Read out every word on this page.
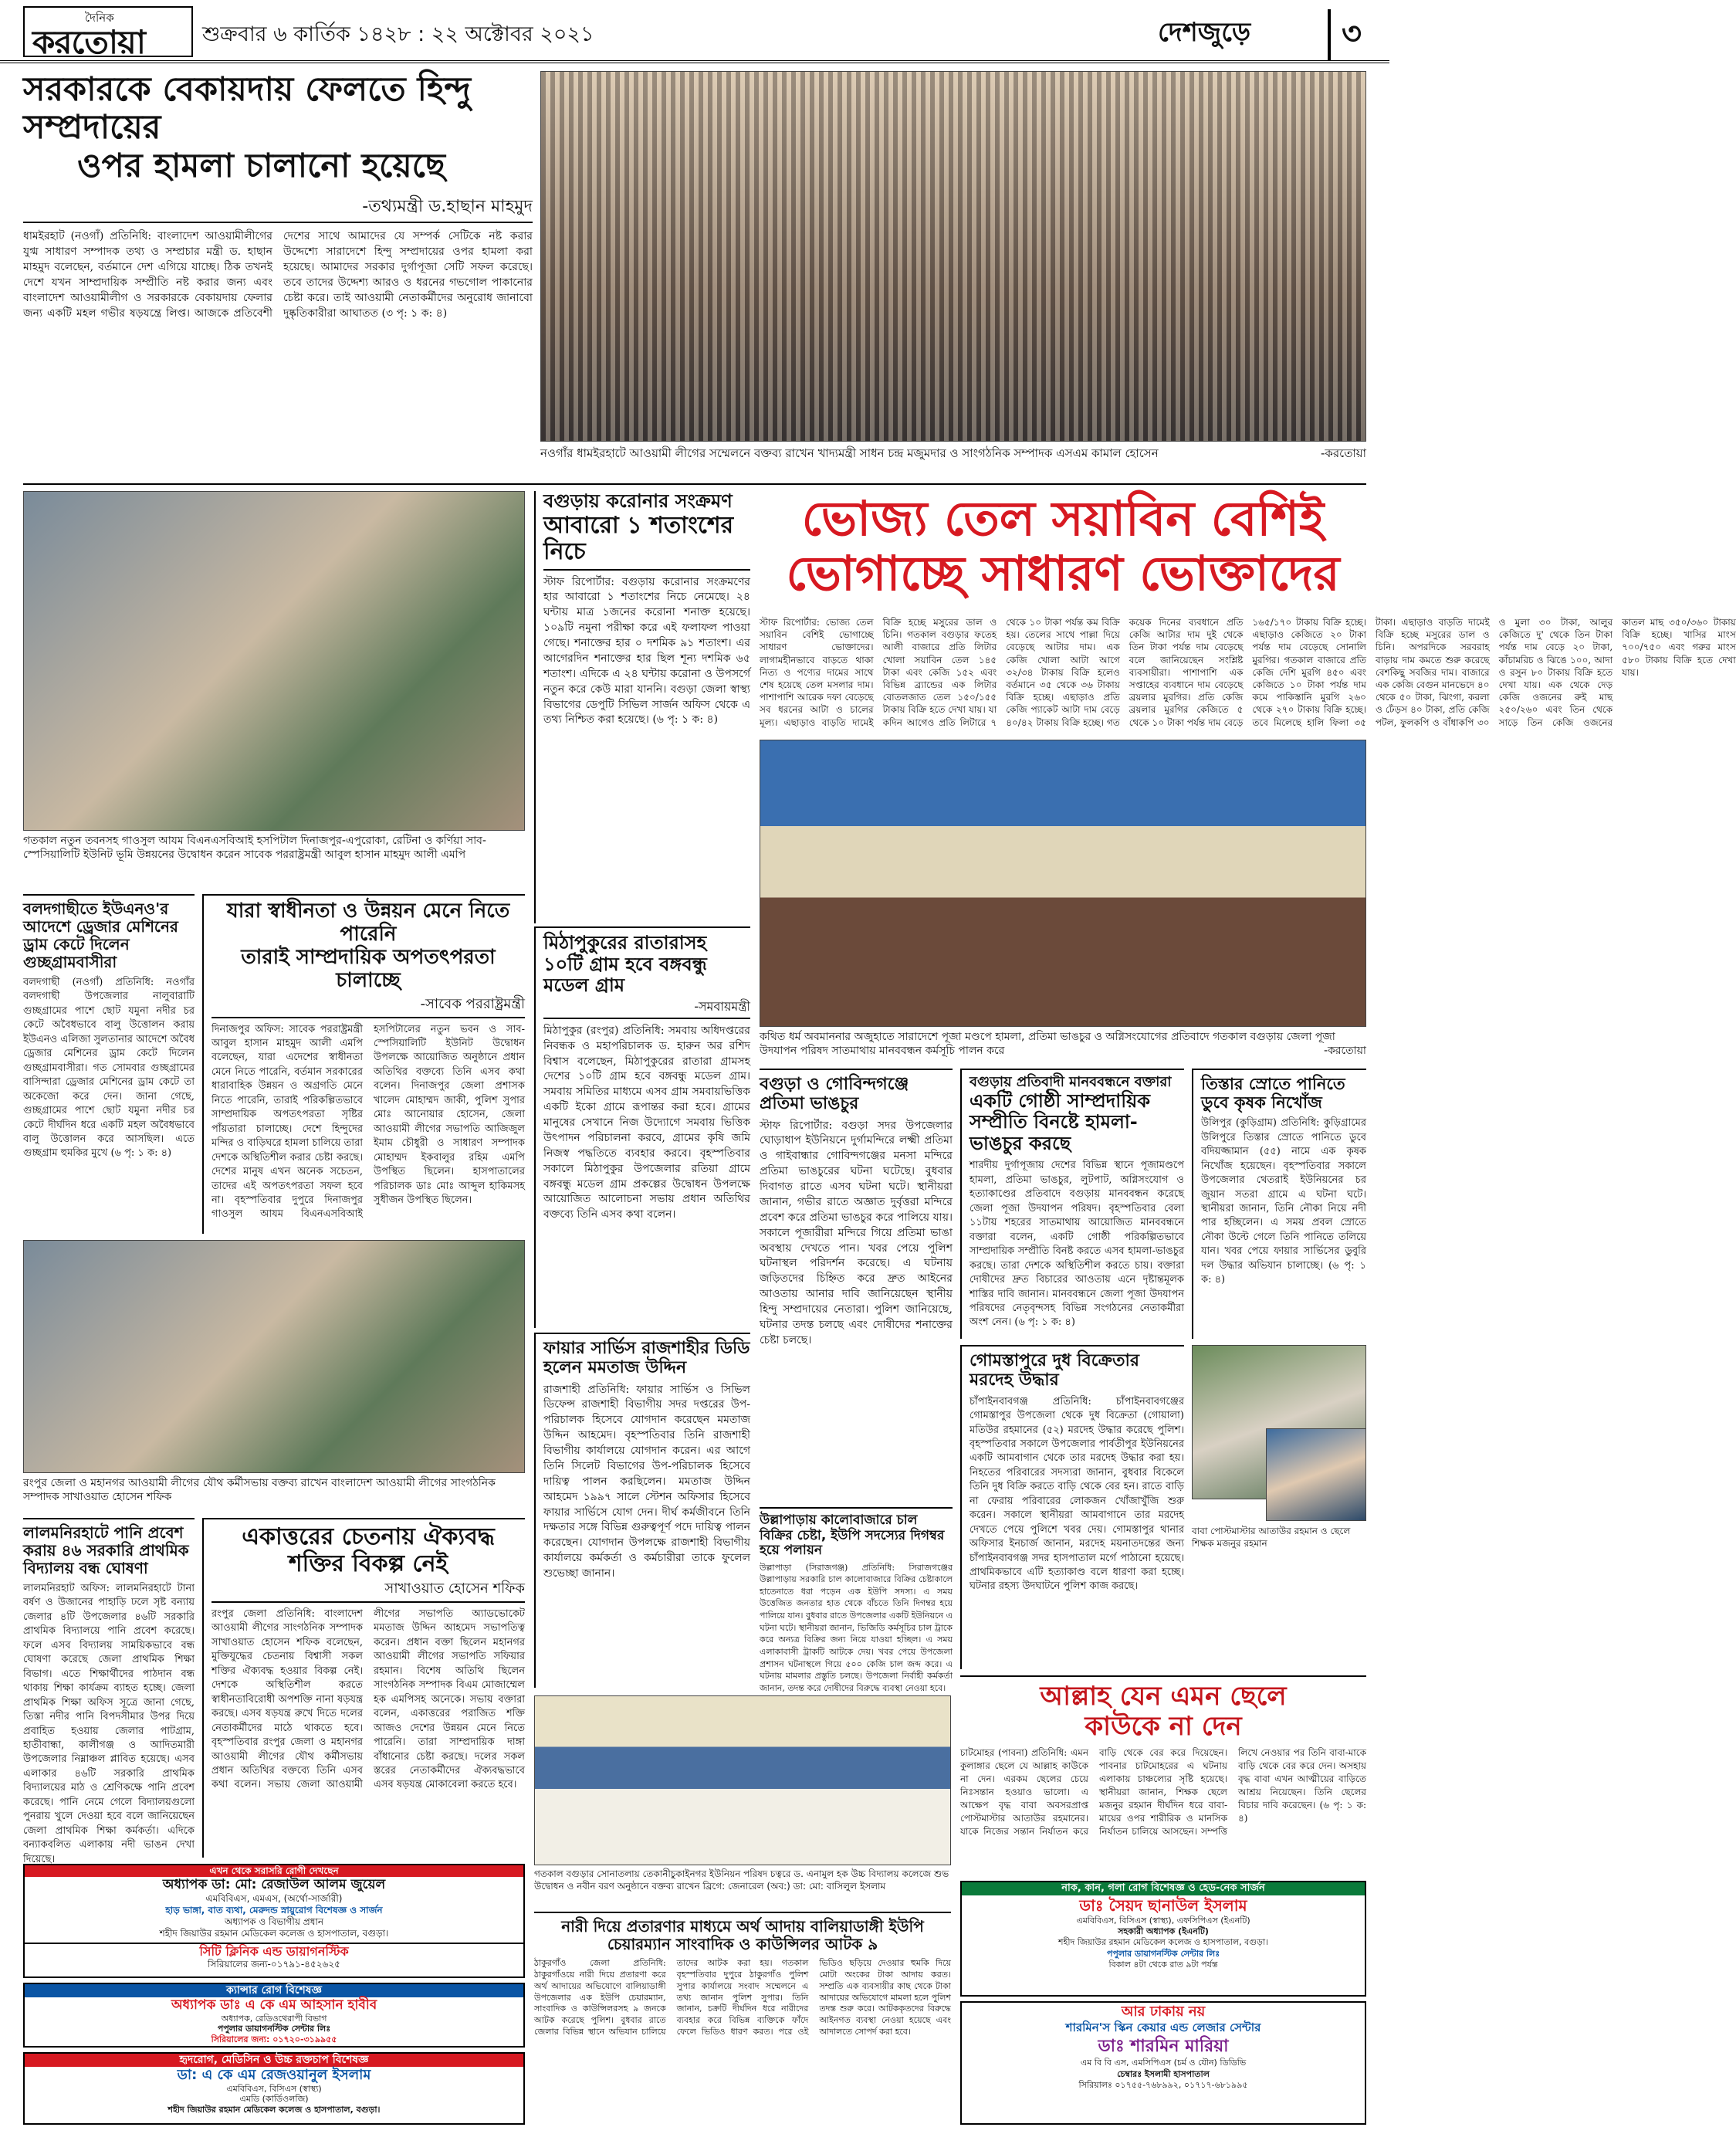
দৈনিক
করতোয়া	শুক্রবার ৬ কার্তিক ১৪২৮ : ২২ অক্টোবর ২০২১	দেশজুড়ে	৩
সরকারকে বেকায়দায় ফেলতে হিন্দু সম্প্রদায়ের
ওপর হামলা চালানো হয়েছে
-তথ্যমন্ত্রী ড.হাছান মাহমুদ
ধামইরহাট (নওগাঁ) প্রতিনিধি: বাংলাদেশ আওয়ামীলীগের যুগ্ম সাধারণ সম্পাদক তথ্য ও সম্প্রচার মন্ত্রী ড. হাছান মাহমুদ বলেছেন, বর্তমানে দেশ এগিয়ে যাচ্ছে। ঠিক তখনই দেশে যখন সাম্প্রদায়িক সম্প্রীতি নষ্ট করার জন্য এবং বাংলাদেশ আওয়ামীলীগ ও সরকারকে বেকায়দায় ফেলার জন্য একটি মহল গভীর ষড়যন্ত্রে লিপ্ত। আজকে প্রতিবেশী দেশের সাথে আমাদের যে সম্পর্ক সেটিকে নষ্ট করার উদ্দেশ্যে সারাদেশে হিন্দু সম্প্রদায়ের ওপর হামলা করা হয়েছে। আমাদের সরকার দুর্গাপূজা সেটি সফল করেছে। তবে তাদের উদ্দেশ্য আরও ও ধরনের গভগোল পাকানোর চেষ্টা করে। তাই আওয়ামী নেতাকর্মীদের অনুরোধ জানাবো দুষ্কৃতিকারীরা আঘাতত (৩ পৃ: ১ ক: ৪)
নওগাঁর ধামইরহাটে আওয়ামী লীগের সম্মেলনে বক্তব্য রাখেন খাদ্যমন্ত্রী সাধন চন্দ্র মজুমদার ও সাংগঠনিক সম্পাদক এসএম কামাল হোসেন	-করতোয়া
গতকাল নতুন তবনসহ গাওসুল আযম বিএনএসবিআই হসপিটাল দিনাজপুর-এপুরোকা, রেটিনা ও কর্ণিয়া সাব-স্পেসিয়ালিটি ইউনিট ভূমি উন্নয়নের উদ্বোধন করেন সাবেক পররাষ্ট্রমন্ত্রী আবুল হাসান মাহমুদ আলী এমপি
বগুড়ায় করোনার সংক্রমণ
আবারো ১ শতাংশের নিচে
স্টাফ রিপোর্টার: বগুড়ায় করোনার সংক্রমণের হার আবারো ১ শতাংশের নিচে নেমেছে। ২৪ ঘন্টায় মাত্র ১জনের করোনা শনাক্ত হয়েছে। ১০৯টি নমুনা পরীক্ষা করে এই ফলাফল পাওয়া গেছে। শনাক্তের হার ০ দশমিক ৯১ শতাংশ। এর আগেরদিন শনাক্তের হার ছিল শূন্য দশমিক ৬৫ শতাংশ। এদিকে এ ২৪ ঘন্টায় করোনা ও উপসর্গে নতুন করে কেউ মারা যাননি। বগুড়া জেলা স্বাস্থ্য বিভাগের ডেপুটি সিভিল সার্জন অফিস থেকে এ তথ্য নিশ্চিত করা হয়েছে। (৬ পৃ: ১ ক: ৪)
ভোজ্য তেল সয়াবিন বেশিই
ভোগাচ্ছে সাধারণ ভোক্তাদের
স্টাফ রিপোর্টার: ভোজ্য তেল সয়াবিন বেশিই ভোগাচ্ছে সাধারণ ভোক্তাদের। লাগামহীনভাবে বাড়তে থাকা নিত্য ও পণ্যের দামের সাথে শেষ হয়েছে তেল মসলার দাম। পাশাপাশি আরেক দফা বেড়েছে সব ধরনের আটা ও চালের মূল্য। এছাড়াও বাড়তি দামেই বিক্রি হচ্ছে মসুরের ডাল ও চিনি। গতকাল বগুড়ার ফতেহ আলী বাজারে প্রতি লিটার খোলা সয়াবিন তেল ১৪৫ টাকা এবং কেজি ১৫২ এবং বিভিন্ন ব্র্যান্ডের এক লিটার বোতলজাত তেল ১৫০/১৫৫ টাকায় বিক্রি হতে দেখা যায়। যা কদিন আগেও প্রতি লিটারে ৭ থেকে ১০ টাকা পর্যন্ত কম বিক্রি হয়। তেলের সাথে পাল্লা দিয়ে বেড়েছে আটার দাম। এক কেজি খোলা আটা আগে ৩২/৩৪ টাকায় বিক্রি হলেও বর্তমানে ৩৫ থেকে ৩৬ টাকায় বিক্রি হচ্ছে। এছাড়াও প্রতি কেজি প্যাকেট আটা দাম বেড়ে ৪০/৪২ টাকায় বিক্রি হচ্ছে। গত কয়েক দিনের ব্যবধানে প্রতি কেজি আটার দাম দুই থেকে তিন টাকা পর্যন্ত দাম বেড়েছে বলে জানিয়েছেন সংশ্লিষ্ট ব্যবসায়ীরা। পাশাপাশি এক সপ্তাহের ব্যবধানে দাম বেড়েছে ব্রয়লার মুরগির। প্রতি কেজি ব্রয়লার মুরগির কেজিতে ৫ থেকে ১০ টাকা পর্যন্ত দাম বেড়ে ১৬৫/১৭০ টাকায় বিক্রি হচ্ছে। এছাড়াও কেজিতে ২০ টাকা পর্যন্ত দাম বেড়েছে সোনালি মুরগির। গতকাল বাজারে প্রতি কেজি দেশি মুরগি ৪৫০ এবং কেজিতে ১০ টাকা পর্যন্ত দাম কমে পাকিস্তানি মুরগি ২৬০ থেকে ২৭০ টাকায় বিক্রি হচ্ছে। তবে মিলেছে হালি ফিলা ৩৫ টাকা। এছাড়াও বাড়তি দামেই বিক্রি হচ্ছে মসুরের ডাল ও চিনি। অপরদিকে সরবরাহ বাড়ায় দাম কমতে শুরু করেছে বেশকিছু সবজির দাম। বাজারে এক কেজি বেগুন মানভেদে ৪০ থেকে ৫০ টাকা, ঝিংগা, করলা ও ঢেঁড়স ৪০ টাকা, প্রতি কেজি পটল, ফুলকপি ও বাঁধাকপি ৩০ ও মুলা ৩০ টাকা, আলুর কেজিতে দু' থেকে তিন টাকা পর্যন্ত দাম বেড়ে ২০ টাকা, কাঁচামরিচ ও ঝিঙে ১০০, আদা ও রসুন ৮০ টাকায় বিক্রি হতে দেখা যায়। এক থেকে দেড় কেজি ওজনের রুই মাছ ২৫০/২৬০ এবং তিন থেকে সাড়ে তিন কেজি ওজনের কাতল মাছ ৩৫০/৩৬০ টাকায় বিক্রি হচ্ছে। খাসির মাংস ৭০০/৭৫০ এবং গরুর মাংস ৫৮০ টাকায় বিক্রি হতে দেখা যায়।
কথিত ধর্ম অবমাননার অজুহাতে সারাদেশে পূজা মণ্ডপে হামলা, প্রতিমা ভাঙচুর ও অগ্নিসংযোগের প্রতিবাদে গতকাল বগুড়ায় জেলা পূজা উদযাপন পরিষদ সাতমাথায় মানববন্ধন কর্মসূচি পালন করে	-করতোয়া
মিঠাপুকুরের রাতারাসহ ১০টি গ্রাম হবে বঙ্গবন্ধু মডেল গ্রাম
-সমবায়মন্ত্রী
মিঠাপুকুর (রংপুর) প্রতিনিধি: সমবায় অধিদপ্তরের নিবন্ধক ও মহাপরিচালক ড. হারুন অর রশিদ বিশ্বাস বলেছেন, মিঠাপুকুরের রাতারা গ্রামসহ দেশের ১০টি গ্রাম হবে বঙ্গবন্ধু মডেল গ্রাম। সমবায় সমিতির মাধ্যমে এসব গ্রাম সমবায়ভিত্তিক একটি ইকো গ্রামে রূপান্তর করা হবে। গ্রামের মানুষের সেখানে নিজ উদ্যোগে সমবায় ভিত্তিক উৎপাদন পরিচালনা করবে, গ্রামের কৃষি জমি নিজস্ব পদ্ধতিতে ব্যবহার করবে। বৃহস্পতিবার সকালে মিঠাপুকুর উপজেলার রতিয়া গ্রামে বঙ্গবন্ধু মডেল গ্রাম প্রকল্পের উদ্বোধন উপলক্ষে আয়োজিত আলোচনা সভায় প্রধান অতিথির বক্তব্যে তিনি এসব কথা বলেন।
বলদগাছীতে ইউএনও'র আদেশে ড্রেজার মেশিনের ড্রাম কেটে দিলেন গুচ্ছগ্রামবাসীরা
বলদগাছী (নওগাঁ) প্রতিনিধি: নওগাঁর বলদগাছী উপজেলার নালুবারাটি গুচ্ছগ্রামের পাশে ছোট যমুনা নদীর চর কেটে অবৈধভাবে বালু উত্তোলন করায় ইউএনও এলিজা সুলতানার আদেশে অবৈধ ড্রেজার মেশিনের ড্রাম কেটে দিলেন গুচ্ছগ্রামবাসীরা। গত সোমবার গুচ্ছগ্রামের বাসিন্দারা ড্রেজার মেশিনের ড্রাম কেটে তা অকেজো করে দেন। জানা গেছে, গুচ্ছগ্রামের পাশে ছোট যমুনা নদীর চর কেটে দীর্ঘদিন ধরে একটি মহল অবৈধভাবে বালু উত্তোলন করে আসছিল। এতে গুচ্ছগ্রাম হুমকির মুখে (৬ পৃ: ১ ক: ৪)
যারা স্বাধীনতা ও উন্নয়ন মেনে নিতে পারেনি
তারাই সাম্প্রদায়িক অপতৎপরতা চালাচ্ছে
-সাবেক পররাষ্ট্রমন্ত্রী
দিনাজপুর অফিস: সাবেক পররাষ্ট্রমন্ত্রী আবুল হাসান মাহমুদ আলী এমপি বলেছেন, যারা এদেশের স্বাধীনতা মেনে নিতে পারেনি, বর্তমান সরকারের ধারাবাহিক উন্নয়ন ও অগ্রগতি মেনে নিতে পারেনি, তারাই পরিকল্পিতভাবে সাম্প্রদায়িক অপতৎপরতা সৃষ্টির পাঁয়তারা চালাচ্ছে। দেশে হিন্দুদের মন্দির ও বাড়িঘরে হামলা চালিয়ে তারা দেশকে অস্থিতিশীল করার চেষ্টা করছে। দেশের মানুষ এখন অনেক সচেতন, তাদের এই অপতৎপরতা সফল হবে না। বৃহস্পতিবার দুপুরে দিনাজপুর গাওসুল আযম বিএনএসবিআই হসপিটালের নতুন ভবন ও সাব-স্পেসিয়ালিটি ইউনিট উদ্বোধন উপলক্ষে আয়োজিত অনুষ্ঠানে প্রধান অতিথির বক্তব্যে তিনি এসব কথা বলেন। দিনাজপুর জেলা প্রশাসক খালেদ মোহাম্মদ জাকী, পুলিশ সুপার মোঃ আনোয়ার হোসেন, জেলা আওয়ামী লীগের সভাপতি আজিজুল ইমাম চৌধুরী ও সাধারণ সম্পাদক মোহাম্মদ ইকবালুর রহিম এমপি উপস্থিত ছিলেন। হাসপাতালের পরিচালক ডাঃ মোঃ আব্দুল হাকিমসহ সুধীজন উপস্থিত ছিলেন।
রংপুর জেলা ও মহানগর আওয়ামী লীগের যৌথ কর্মীসভায় বক্তব্য রাখেন বাংলাদেশ আওয়ামী লীগের সাংগঠনিক সম্পাদক সাখাওয়াত হোসেন শফিক
ফায়ার সার্ভিস রাজশাহীর ডিডি হলেন মমতাজ উদ্দিন
রাজশাহী প্রতিনিধি: ফায়ার সার্ভিস ও সিভিল ডিফেন্স রাজশাহী বিভাগীয় সদর দপ্তরের উপ-পরিচালক হিসেবে যোগদান করেছেন মমতাজ উদ্দিন আহমেদ। বৃহস্পতিবার তিনি রাজশাহী বিভাগীয় কার্যালয়ে যোগদান করেন। এর আগে তিনি সিলেট বিভাগের উপ-পরিচালক হিসেবে দায়িত্ব পালন করছিলেন। মমতাজ উদ্দিন আহমেদ ১৯৯৭ সালে স্টেশন অফিসার হিসেবে ফায়ার সার্ভিসে যোগ দেন। দীর্ঘ কর্মজীবনে তিনি দক্ষতার সঙ্গে বিভিন্ন গুরুত্বপূর্ণ পদে দায়িত্ব পালন করেছেন। যোগদান উপলক্ষে রাজশাহী বিভাগীয় কার্যালয়ে কর্মকর্তা ও কর্মচারীরা তাকে ফুলেল শুভেচ্ছা জানান।
বগুড়া ও গোবিন্দগঞ্জে প্রতিমা ভাঙচুর
স্টাফ রিপোর্টার: বগুড়া সদর উপজেলার ঘোড়াধাপ ইউনিয়নে দুর্গামন্দিরে লক্ষ্মী প্রতিমা ও গাইবান্ধার গোবিন্দগঞ্জের মনসা মন্দিরে প্রতিমা ভাঙচুরের ঘটনা ঘটেছে। বুধবার দিবাগত রাতে এসব ঘটনা ঘটে। স্থানীয়রা জানান, গভীর রাতে অজ্ঞাত দুর্বৃত্তরা মন্দিরে প্রবেশ করে প্রতিমা ভাঙচুর করে পালিয়ে যায়। সকালে পূজারীরা মন্দিরে গিয়ে প্রতিমা ভাঙা অবস্থায় দেখতে পান। খবর পেয়ে পুলিশ ঘটনাস্থল পরিদর্শন করেছে। এ ঘটনায় জড়িতদের চিহ্নিত করে দ্রুত আইনের আওতায় আনার দাবি জানিয়েছেন স্থানীয় হিন্দু সম্প্রদায়ের নেতারা। পুলিশ জানিয়েছে, ঘটনার তদন্ত চলছে এবং দোষীদের শনাক্তের চেষ্টা চলছে।
বগুড়ায় প্রতিবাদী মানববন্ধনে বক্তারা
একটি গোষ্ঠী সাম্প্রদায়িক সম্প্রীতি বিনষ্টে হামলা-ভাঙচুর করছে
শারদীয় দুর্গাপূজায় দেশের বিভিন্ন স্থানে পূজামণ্ডপে হামলা, প্রতিমা ভাঙচুর, লুটপাট, অগ্নিসংযোগ ও হত্যাকাণ্ডের প্রতিবাদে বগুড়ায় মানববন্ধন করেছে জেলা পূজা উদযাপন পরিষদ। বৃহস্পতিবার বেলা ১১টায় শহরের সাতমাথায় আয়োজিত মানববন্ধনে বক্তারা বলেন, একটি গোষ্ঠী পরিকল্পিতভাবে সাম্প্রদায়িক সম্প্রীতি বিনষ্ট করতে এসব হামলা-ভাঙচুর করছে। তারা দেশকে অস্থিতিশীল করতে চায়। বক্তারা দোষীদের দ্রুত বিচারের আওতায় এনে দৃষ্টান্তমূলক শাস্তির দাবি জানান। মানববন্ধনে জেলা পূজা উদযাপন পরিষদের নেতৃবৃন্দসহ বিভিন্ন সংগঠনের নেতাকর্মীরা অংশ নেন। (৬ পৃ: ১ ক: ৪)
তিস্তার স্রোতে পানিতে ডুবে কৃষক নিখোঁজ
উলিপুর (কুড়িগ্রাম) প্রতিনিধি: কুড়িগ্রামের উলিপুরে তিস্তার স্রোতে পানিতে ডুবে বদিয়জ্জামান (৫৫) নামে এক কৃষক নিখোঁজ হয়েছেন। বৃহস্পতিবার সকালে উপজেলার থেতরাই ইউনিয়নের চর জুয়ান সতরা গ্রামে এ ঘটনা ঘটে। স্থানীয়রা জানান, তিনি নৌকা নিয়ে নদী পার হচ্ছিলেন। এ সময় প্রবল স্রোতে নৌকা উল্টে গেলে তিনি পানিতে তলিয়ে যান। খবর পেয়ে ফায়ার সার্ভিসের ডুবুরি দল উদ্ধার অভিযান চালাচ্ছে। (৬ পৃ: ১ ক: ৪)
গোমস্তাপুরে দুধ বিক্রেতার মরদেহ উদ্ধার
চাঁপাইনবাবগঞ্জ প্রতিনিধি: চাঁপাইনবাবগঞ্জের গোমস্তাপুর উপজেলা থেকে দুধ বিক্রেতা (গোয়ালা) মতিউর রহমানের (৫২) মরদেহ উদ্ধার করেছে পুলিশ। বৃহস্পতিবার সকালে উপজেলার পার্বতীপুর ইউনিয়নের একটি আমবাগান থেকে তার মরদেহ উদ্ধার করা হয়। নিহতের পরিবারের সদস্যরা জানান, বুধবার বিকেলে তিনি দুধ বিক্রি করতে বাড়ি থেকে বের হন। রাতে বাড়ি না ফেরায় পরিবারের লোকজন খোঁজাখুঁজি শুরু করেন। সকালে স্থানীয়রা আমবাগানে তার মরদেহ দেখতে পেয়ে পুলিশে খবর দেয়। গোমস্তাপুর থানার অফিসার ইনচার্জ জানান, মরদেহ ময়নাতদন্তের জন্য চাঁপাইনবাবগঞ্জ সদর হাসপাতাল মর্গে পাঠানো হয়েছে। প্রাথমিকভাবে এটি হত্যাকাণ্ড বলে ধারণা করা হচ্ছে। ঘটনার রহস্য উদঘাটনে পুলিশ কাজ করছে।
বাবা পোস্টমাস্টার আতাউর রহমান ও ছেলে শিক্ষক মজনুর রহমান
আল্লাহ যেন এমন ছেলে
কাউকে না দেন
চাটমোহর (পাবনা) প্রতিনিধি: এমন কুলাঙ্গার ছেলে যে আল্লাহ কাউকে না দেন। এরকম ছেলের চেয়ে নিঃসন্তান হওয়াও ভালো। এ আক্ষেপ বৃদ্ধ বাবা অবসরপ্রাপ্ত পোস্টমাস্টার আতাউর রহমানের। যাকে নিজের সন্তান নির্যাতন করে বাড়ি থেকে বের করে দিয়েছেন। পাবনার চাটমোহরের এ ঘটনায় এলাকায় চাঞ্চল্যের সৃষ্টি হয়েছে। স্থানীয়রা জানান, শিক্ষক ছেলে মজনুর রহমান দীর্ঘদিন ধরে বাবা-মায়ের ওপর শারীরিক ও মানসিক নির্যাতন চালিয়ে আসছেন। সম্পত্তি লিখে নেওয়ার পর তিনি বাবা-মাকে বাড়ি থেকে বের করে দেন। অসহায় বৃদ্ধ বাবা এখন আত্মীয়ের বাড়িতে আশ্রয় নিয়েছেন। তিনি ছেলের বিচার দাবি করেছেন। (৬ পৃ: ১ ক: ৪)
লালমনিরহাটে পানি প্রবেশ করায় ৪৬ সরকারি প্রাথমিক বিদ্যালয় বন্ধ ঘোষণা
লালমনিরহাট অফিস: লালমনিরহাটে টানা বর্ষণ ও উজানের পাহাড়ি ঢলে সৃষ্ট বন্যায় জেলার ৪টি উপজেলার ৪৬টি সরকারি প্রাথমিক বিদ্যালয়ে পানি প্রবেশ করেছে। ফলে এসব বিদ্যালয় সাময়িকভাবে বন্ধ ঘোষণা করেছে জেলা প্রাথমিক শিক্ষা বিভাগ। এতে শিক্ষার্থীদের পাঠদান বন্ধ থাকায় শিক্ষা কার্যক্রম ব্যাহত হচ্ছে। জেলা প্রাথমিক শিক্ষা অফিস সূত্রে জানা গেছে, তিস্তা নদীর পানি বিপদসীমার উপর দিয়ে প্রবাহিত হওয়ায় জেলার পাটগ্রাম, হাতীবান্ধা, কালীগঞ্জ ও আদিতমারী উপজেলার নিম্নাঞ্চল প্লাবিত হয়েছে। এসব এলাকার ৪৬টি সরকারি প্রাথমিক বিদ্যালয়ের মাঠ ও শ্রেণিকক্ষে পানি প্রবেশ করেছে। পানি নেমে গেলে বিদ্যালয়গুলো পুনরায় খুলে দেওয়া হবে বলে জানিয়েছেন জেলা প্রাথমিক শিক্ষা কর্মকর্তা। এদিকে বন্যাকবলিত এলাকায় নদী ভাঙন দেখা দিয়েছে।
একাত্তরের চেতনায় ঐক্যবদ্ধ
শক্তির বিকল্প নেই
সাখাওয়াত হোসেন শফিক
রংপুর জেলা প্রতিনিধি: বাংলাদেশ আওয়ামী লীগের সাংগঠনিক সম্পাদক সাখাওয়াত হোসেন শফিক বলেছেন, মুক্তিযুদ্ধের চেতনায় বিশ্বাসী সকল শক্তির ঐক্যবদ্ধ হওয়ার বিকল্প নেই। দেশকে অস্থিতিশীল করতে স্বাধীনতাবিরোধী অপশক্তি নানা ষড়যন্ত্র করছে। এসব ষড়যন্ত্র রুখে দিতে দলের নেতাকর্মীদের মাঠে থাকতে হবে। বৃহস্পতিবার রংপুর জেলা ও মহানগর আওয়ামী লীগের যৌথ কর্মীসভায় প্রধান অতিথির বক্তব্যে তিনি এসব কথা বলেন। সভায় জেলা আওয়ামী লীগের সভাপতি অ্যাডভোকেট মমতাজ উদ্দিন আহমেদ সভাপতিত্ব করেন। প্রধান বক্তা ছিলেন মহানগর আওয়ামী লীগের সভাপতি সফিয়ার রহমান। বিশেষ অতিথি ছিলেন সাংগঠনিক সম্পাদক বিএম মোজাম্মেল হক এমপিসহ অনেকে। সভায় বক্তারা বলেন, একাত্তরের পরাজিত শক্তি আজও দেশের উন্নয়ন মেনে নিতে পারেনি। তারা সাম্প্রদায়িক দাঙ্গা বাঁধানোর চেষ্টা করছে। দলের সকল স্তরের নেতাকর্মীদের ঐক্যবদ্ধভাবে এসব ষড়যন্ত্র মোকাবেলা করতে হবে।
গতকাল বগুড়ার সোনাতলায় তেকানীচুকাইনগর ইউনিয়ন পরিষদ চত্বরে ড. এনামুল হক উচ্চ বিদ্যালয় কলেজে শুভ উদ্বোধন ও নবীন বরণ অনুষ্ঠানে বক্তব্য রাখেন ব্রিগে: জেনারেল (অব:) ডা: মো: বাসিলুল ইসলাম
নারী দিয়ে প্রতারণার মাধ্যমে অর্থ আদায় বালিয়াডাঙ্গী ইউপি চেয়ারম্যান সাংবাদিক ও কাউন্সিলর আটক ৯
ঠাকুরগাঁও জেলা প্রতিনিধি: ঠাকুরগাঁওয়ে নারী দিয়ে প্রতারণা করে অর্থ আদায়ের অভিযোগে বালিয়াডাঙ্গী উপজেলার এক ইউপি চেয়ারম্যান, সাংবাদিক ও কাউন্সিলরসহ ৯ জনকে আটক করেছে পুলিশ। বুধবার রাতে জেলার বিভিন্ন স্থানে অভিযান চালিয়ে তাদের আটক করা হয়। গতকাল বৃহস্পতিবার দুপুরে ঠাকুরগাঁও পুলিশ সুপার কার্যালয়ে সংবাদ সম্মেলনে এ তথ্য জানান পুলিশ সুপার। তিনি জানান, চক্রটি দীর্ঘদিন ধরে নারীদের ব্যবহার করে বিভিন্ন ব্যক্তিকে ফাঁদে ফেলে ভিডিও ধারণ করত। পরে ওই ভিডিও ছড়িয়ে দেওয়ার হুমকি দিয়ে মোটা অংকের টাকা আদায় করত। সম্প্রতি এক ব্যবসায়ীর কাছ থেকে টাকা আদায়ের অভিযোগে মামলা হলে পুলিশ তদন্ত শুরু করে। আটককৃতদের বিরুদ্ধে আইনগত ব্যবস্থা নেওয়া হয়েছে এবং আদালতে সোপর্দ করা হবে।
এখন থেকে সরাসরি রোগী দেখছেন
অধ্যাপক ডা: মো: রেজাউল আলম জুয়েল
এমবিবিএস, এমএস, (অর্থো-সার্জারী)
হাড় ভাঙ্গা, বাত ব্যথা, মেরুদন্ড স্নায়ুরোগ বিশেষজ্ঞ ও সার্জন
অধ্যাপক ও বিভাগীয় প্রধান
শহীদ জিয়াউর রহমান মেডিকেল কলেজ ও হাসপাতাল, বগুড়া।
সিটি ক্লিনিক এন্ড ডায়াগনস্টিক
সিরিয়ালের জন্য-০১৭৯১-৪৫২৬২৫
ক্যান্সার রোগ বিশেষজ্ঞ
অধ্যাপক ডাঃ এ কে এম আহসান হাবীব
অধ্যাপক, রেডিওথেরাপী বিভাগ
পপুলার ডায়াগনস্টিক সেন্টার লিঃ
সিরিয়ালের জন্য: ০১৭২০-৩১৯৯৫৫
হৃদরোগ, মেডিসিন ও উচ্চ রক্তচাপ বিশেষজ্ঞ
ডা: এ কে এম রেজওয়ানুল ইসলাম
এমবিবিএস, বিসিএস (স্বাস্থ্য)
এমডি (কার্ডিওলজি)
শহীদ জিয়াউর রহমান মেডিকেল কলেজ ও হাসপাতাল, বগুড়া।
নাক, কান, গলা রোগ বিশেষজ্ঞ ও হেড-নেক সার্জন
ডাঃ সৈয়দ ছানাউল ইসলাম
এমবিবিএস, বিসিএস (স্বাস্থ্য), এফসিপিএস (ইএনটি)
সহকারী অধ্যাপক (ইএনটি)
শহীদ জিয়াউর রহমান মেডিকেল কলেজ ও হাসপাতাল, বগুড়া।
পপুলার ডায়াগনস্টিক সেন্টার লিঃ
বিকাল ৪টা থেকে রাত ৯টা পর্যন্ত
আর ঢাকায় নয়
শারমিন'স স্কিন কেয়ার এন্ড লেজার সেন্টার
ডাঃ শারমিন মারিয়া
এম বি বি এস, এমসিপিএস (চর্ম ও যৌন) ডিডিভি
চেম্বারঃ ইসলামী হাসপাতাল
সিরিয়ালঃ ০১৭৫৫-৭৬৮৯৯২, ০১৭১৭-৬৮১৯৯৫
উল্লাপাড়ায় কালোবাজারে চাল বিক্রির চেষ্টা, ইউপি সদস্যের দিগম্বর হয়ে পলায়ন
উল্লাপাড়া (সিরাজগঞ্জ) প্রতিনিধি: সিরাজগঞ্জের উল্লাপাড়ায় সরকারি চাল কালোবাজারে বিক্রির চেষ্টাকালে হাতেনাতে ধরা পড়েন এক ইউপি সদস্য। এ সময় উত্তেজিত জনতার হাত থেকে বাঁচতে তিনি দিগম্বর হয়ে পালিয়ে যান। বুধবার রাতে উপজেলার একটি ইউনিয়নে এ ঘটনা ঘটে। স্থানীয়রা জানান, ভিজিডি কর্মসূচির চাল ট্রাকে করে অন্যত্র বিক্রির জন্য নিয়ে যাওয়া হচ্ছিল। এ সময় এলাকাবাসী ট্রাকটি আটকে দেয়। খবর পেয়ে উপজেলা প্রশাসন ঘটনাস্থলে গিয়ে ৫০০ কেজি চাল জব্দ করে। এ ঘটনায় মামলার প্রস্তুতি চলছে। উপজেলা নির্বাহী কর্মকর্তা জানান, তদন্ত করে দোষীদের বিরুদ্ধে ব্যবস্থা নেওয়া হবে।
